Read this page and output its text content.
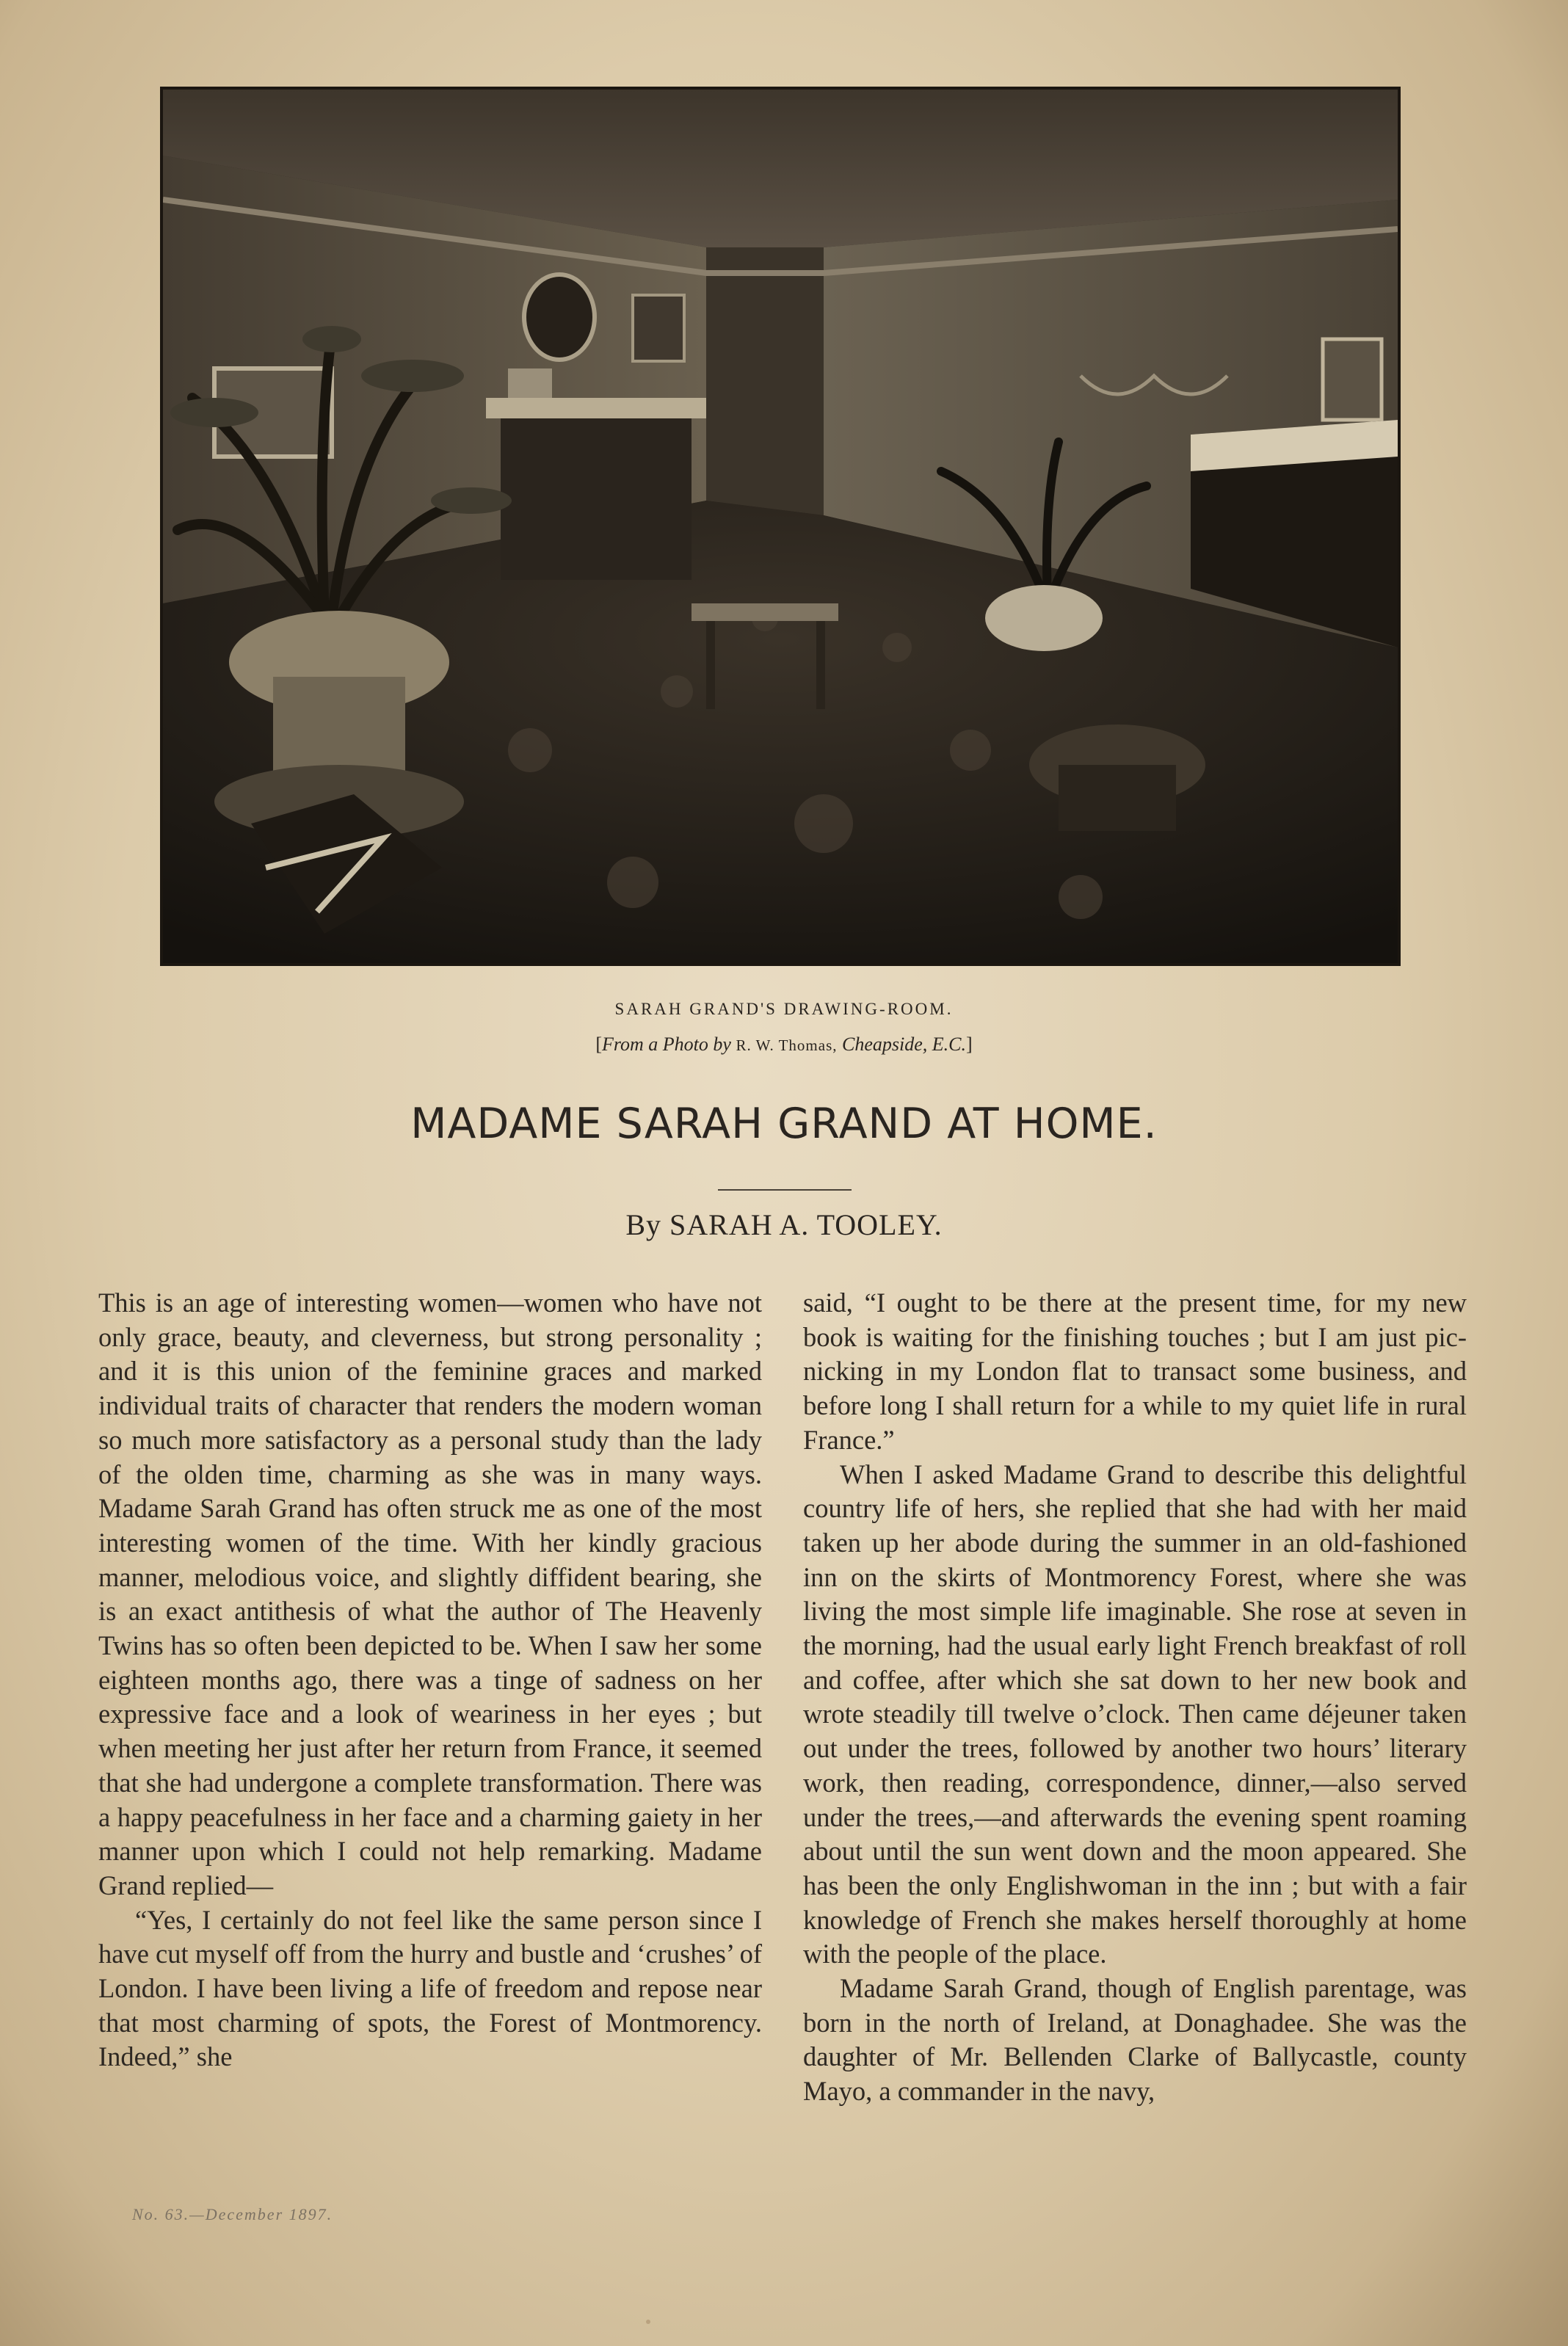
SARAH GRAND'S DRAWING-ROOM.
[From a Photo by R. W. Thomas, Cheapside, E.C.]
MADAME SARAH GRAND AT HOME.
By SARAH A. TOOLEY.

This is an age of interesting women—women who have not only grace, beauty, and cleverness, but strong personality ; and it is this union of the feminine graces and marked individual traits of character that renders the modern woman so much more satisfactory as a personal study than the lady of the olden time, charming as she was in many ways. Madame Sarah Grand has often struck me as one of the most interesting women of the time. With her kindly gracious manner, melodious voice, and slightly diffident bearing, she is an exact antithesis of what the author of The Heavenly Twins has so often been depicted to be. When I saw her some eighteen months ago, there was a tinge of sadness on her expressive face and a look of weariness in her eyes ; but when meeting her just after her return from France, it seemed that she had undergone a complete transformation. There was a happy peacefulness in her face and a charming gaiety in her manner upon which I could not help remarking. Madame Grand replied—

“Yes, I certainly do not feel like the same person since I have cut myself off from the hurry and bustle and ‘crushes’ of London. I have been living a life of freedom and repose near that most charming of spots, the Forest of Montmorency. Indeed,” she

said, “I ought to be there at the present time, for my new book is waiting for the finishing touches ; but I am just pic-nicking in my London flat to transact some business, and before long I shall return for a while to my quiet life in rural France.”

When I asked Madame Grand to describe this delightful country life of hers, she replied that she had with her maid taken up her abode during the summer in an old-fashioned inn on the skirts of Montmorency Forest, where she was living the most simple life imaginable. She rose at seven in the morning, had the usual early light French breakfast of roll and coffee, after which she sat down to her new book and wrote steadily till twelve o’clock. Then came déjeuner taken out under the trees, followed by another two hours’ literary work, then reading, correspondence, dinner,—also served under the trees,—and afterwards the evening spent roaming about until the sun went down and the moon appeared. She has been the only Englishwoman in the inn ; but with a fair knowledge of French she makes herself thoroughly at home with the people of the place.

Madame Sarah Grand, though of English parentage, was born in the north of Ireland, at Donaghadee. She was the daughter of Mr. Bellenden Clarke of Ballycastle, county Mayo, a commander in the navy,

No. 63.—December 1897.
